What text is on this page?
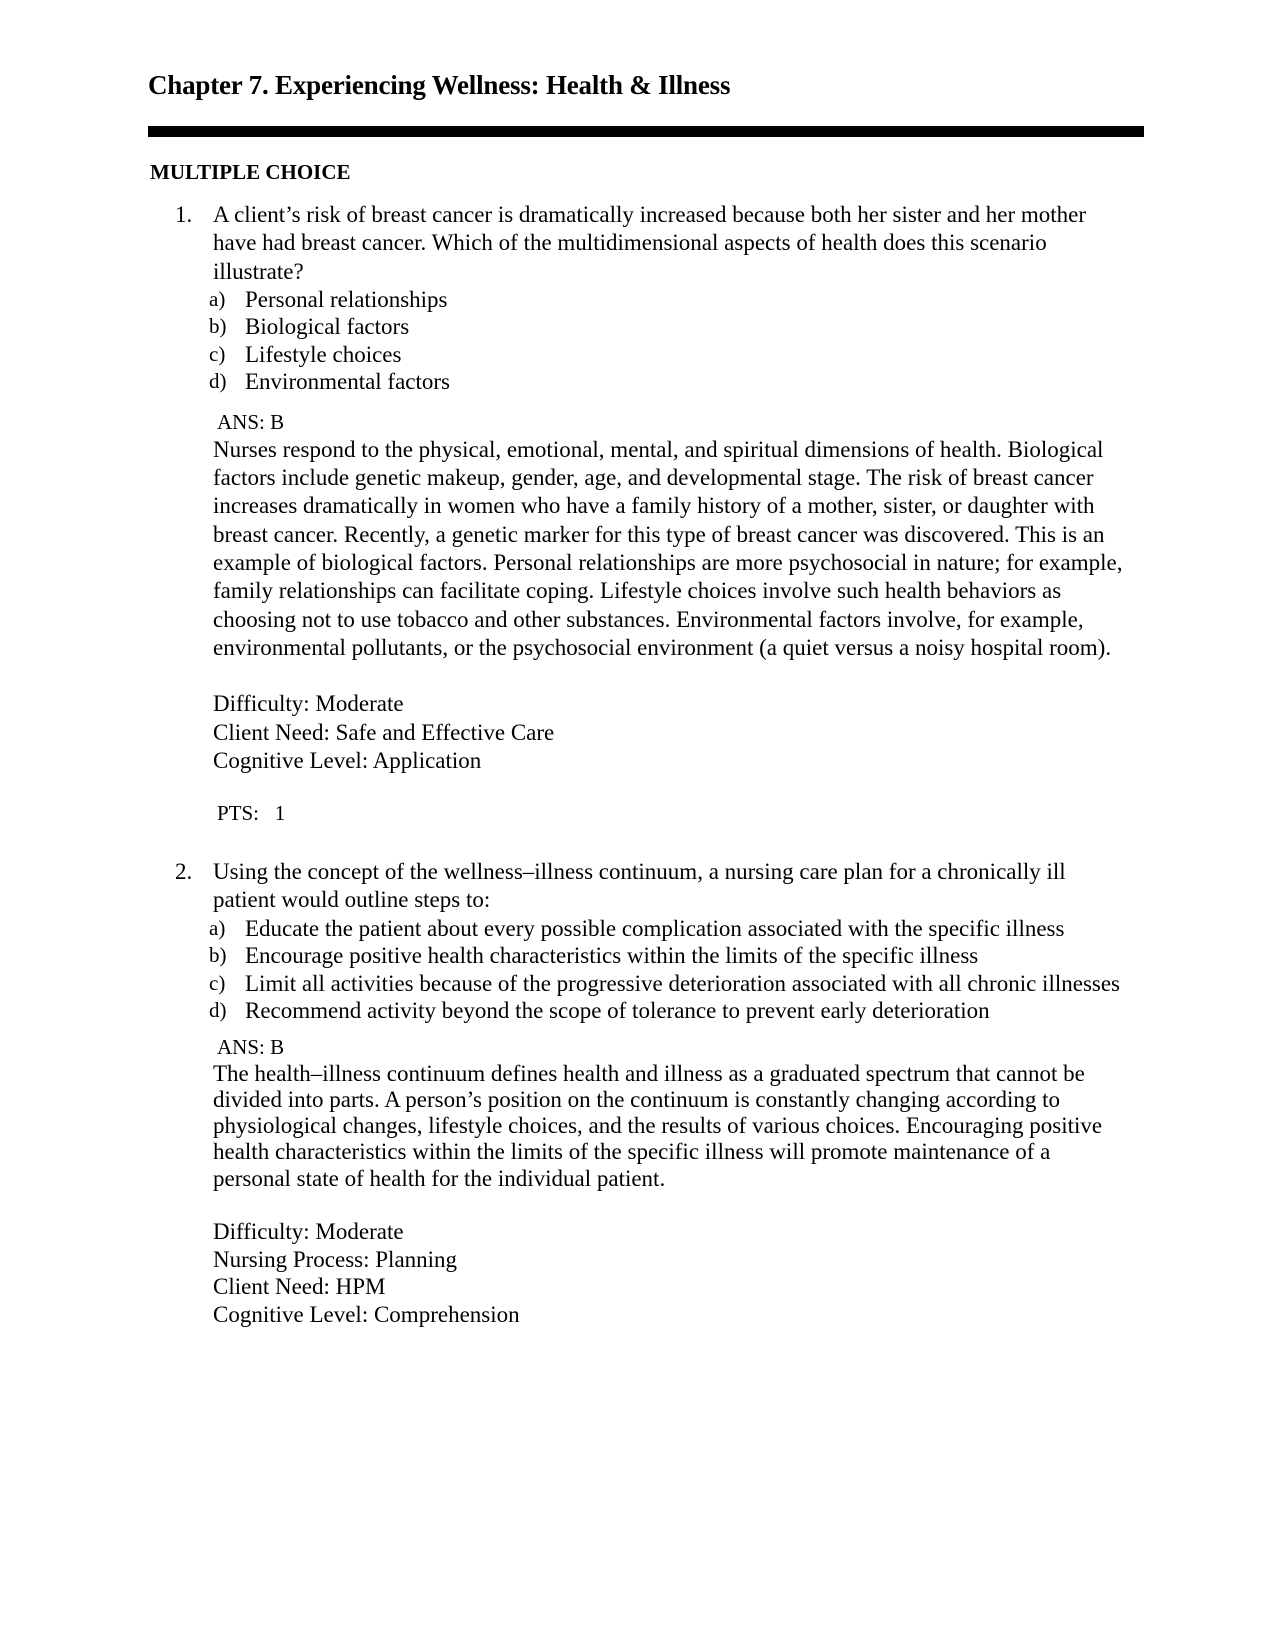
Chapter 7. Experiencing Wellness: Health & Illness
MULTIPLE CHOICE
1. A client’s risk of breast cancer is dramatically increased because both her sister and her mother have had breast cancer. Which of the multidimensional aspects of health does this scenario illustrate?
a) Personal relationships
b) Biological factors
c) Lifestyle choices
d) Environmental factors
ANS: B
Nurses respond to the physical, emotional, mental, and spiritual dimensions of health. Biological factors include genetic makeup, gender, age, and developmental stage. The risk of breast cancer increases dramatically in women who have a family history of a mother, sister, or daughter with breast cancer. Recently, a genetic marker for this type of breast cancer was discovered. This is an example of biological factors. Personal relationships are more psychosocial in nature; for example, family relationships can facilitate coping. Lifestyle choices involve such health behaviors as choosing not to use tobacco and other substances. Environmental factors involve, for example, environmental pollutants, or the psychosocial environment (a quiet versus a noisy hospital room).
Difficulty: Moderate
Client Need: Safe and Effective Care
Cognitive Level: Application
PTS:   1
2. Using the concept of the wellness–illness continuum, a nursing care plan for a chronically ill patient would outline steps to:
a) Educate the patient about every possible complication associated with the specific illness
b) Encourage positive health characteristics within the limits of the specific illness
c) Limit all activities because of the progressive deterioration associated with all chronic illnesses
d) Recommend activity beyond the scope of tolerance to prevent early deterioration
ANS: B
The health–illness continuum defines health and illness as a graduated spectrum that cannot be divided into parts. A person’s position on the continuum is constantly changing according to physiological changes, lifestyle choices, and the results of various choices. Encouraging positive health characteristics within the limits of the specific illness will promote maintenance of a personal state of health for the individual patient.
Difficulty: Moderate
Nursing Process: Planning
Client Need: HPM
Cognitive Level: Comprehension
